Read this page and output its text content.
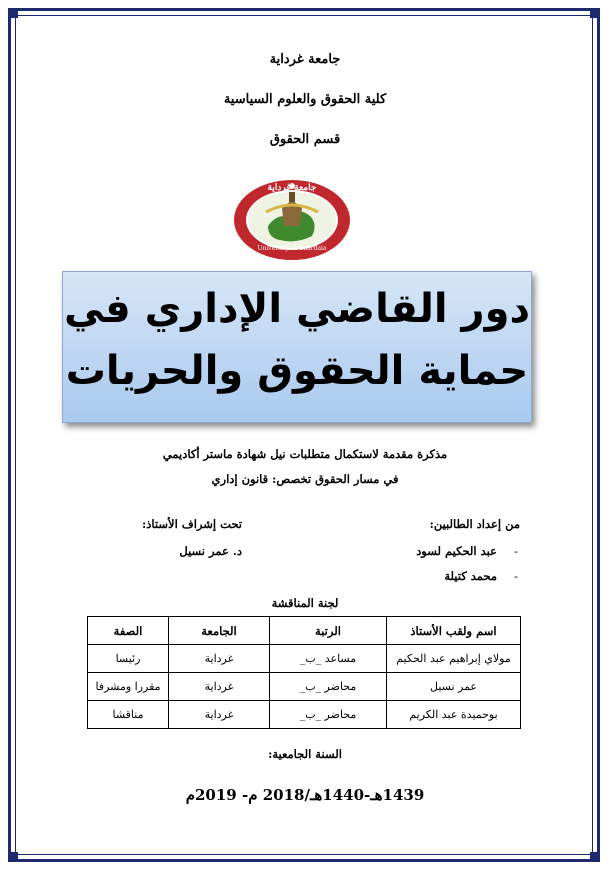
جامعة غرداية
كلية الحقوق والعلوم السياسية
قسم الحقوق
جامعة غرداية
University of Ghardaia
دور القاضي الإداري في
حماية الحقوق والحريات
مذكرة مقدمة لاستكمال متطلبات نيل شهادة ماستر أكاديمي
في مسار الحقوق تخصص: قانون إداري
من إعداد الطالبين:
-
عبد الحكيم لسود
-
محمد كتيلة
تحت إشراف الأستاذ:
د. عمر نسيل
لجنة المناقشة
اسم ولقب الأستاذ	الرتبة	الجامعة	الصفة
مولاي إبراهيم عبد الحكيم	مساعد _ب_	غرداية	رئيسا
عمر نسيل	محاضر _ب_	غرداية	مقررا ومشرفا
بوحميدة عبد الكريم	محاضر _ب_	غرداية	مناقشا
السنة الجامعية:
1439هـ-1440هـ/2018 م- 2019م
